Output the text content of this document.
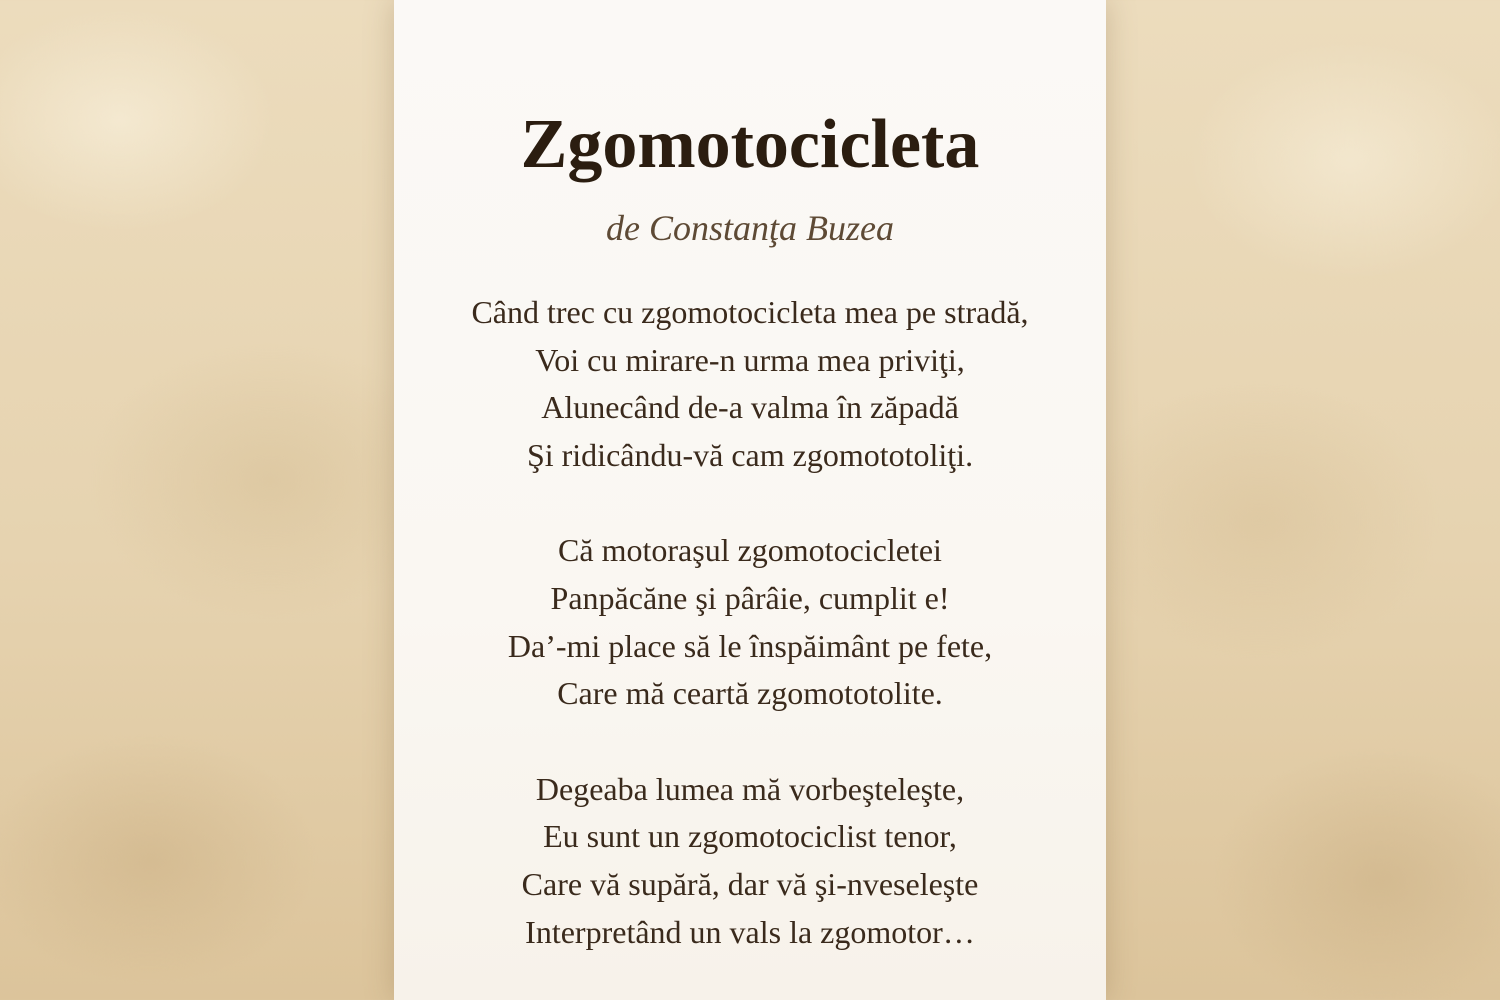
Zgomotocicleta
de Constanţa Buzea
Când trec cu zgomotocicleta mea pe stradă,
Voi cu mirare-n urma mea priviţi,
Alunecând de-a valma în zăpadă
Şi ridicându-vă cam zgomototoliţi.
Că motoraşul zgomotocicletei
Panpăcăne şi pârâie, cumplit e!
Da’-mi place să le înspăimânt pe fete,
Care mă ceartă zgomototolite.
Degeaba lumea mă vorbeşteleşte,
Eu sunt un zgomotociclist tenor,
Care vă supără, dar vă şi-nveseleşte
Interpretând un vals la zgomotor…
